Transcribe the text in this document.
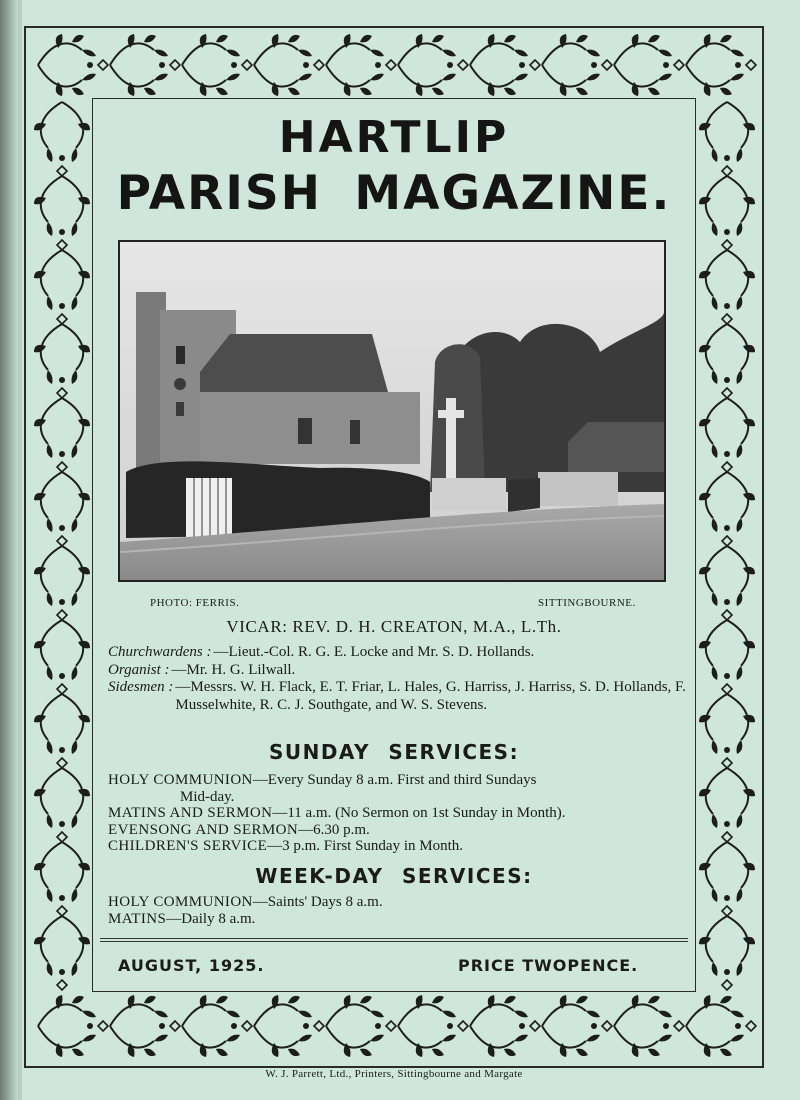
HARTLIP
PARISH MAGAZINE.

PHOTO: FERRIS.	SITTINGBOURNE.

VICAR: REV. D. H. CREATON, M.A., L.Th.

Churchwardens : —Lieut.-Col. R. G. E. Locke and Mr. S. D. Hollands.
Organist : —Mr. H. G. Lilwall.
Sidesmen : —Messrs. W. H. Flack, E. T. Friar, L. Hales, G. Harriss, J. Harriss, S. D. Hollands, F. Musselwhite, R. C. J. Southgate, and W. S. Stevens.
SUNDAY SERVICES:

HOLY COMMUNION—Every Sunday 8 a.m. First and third Sundays

Mid-day.

MATINS AND SERMON—11 a.m. (No Sermon on 1st Sunday in Month).

EVENSONG AND SERMON—6.30 p.m.

CHILDREN'S SERVICE—3 p.m. First Sunday in Month.

WEEK-DAY SERVICES:

HOLY COMMUNION—Saints' Days 8 a.m.

MATINS—Daily 8 a.m.

AUGUST, 1925.	PRICE TWOPENCE.

W. J. Parrett, Ltd., Printers, Sittingbourne and Margate
